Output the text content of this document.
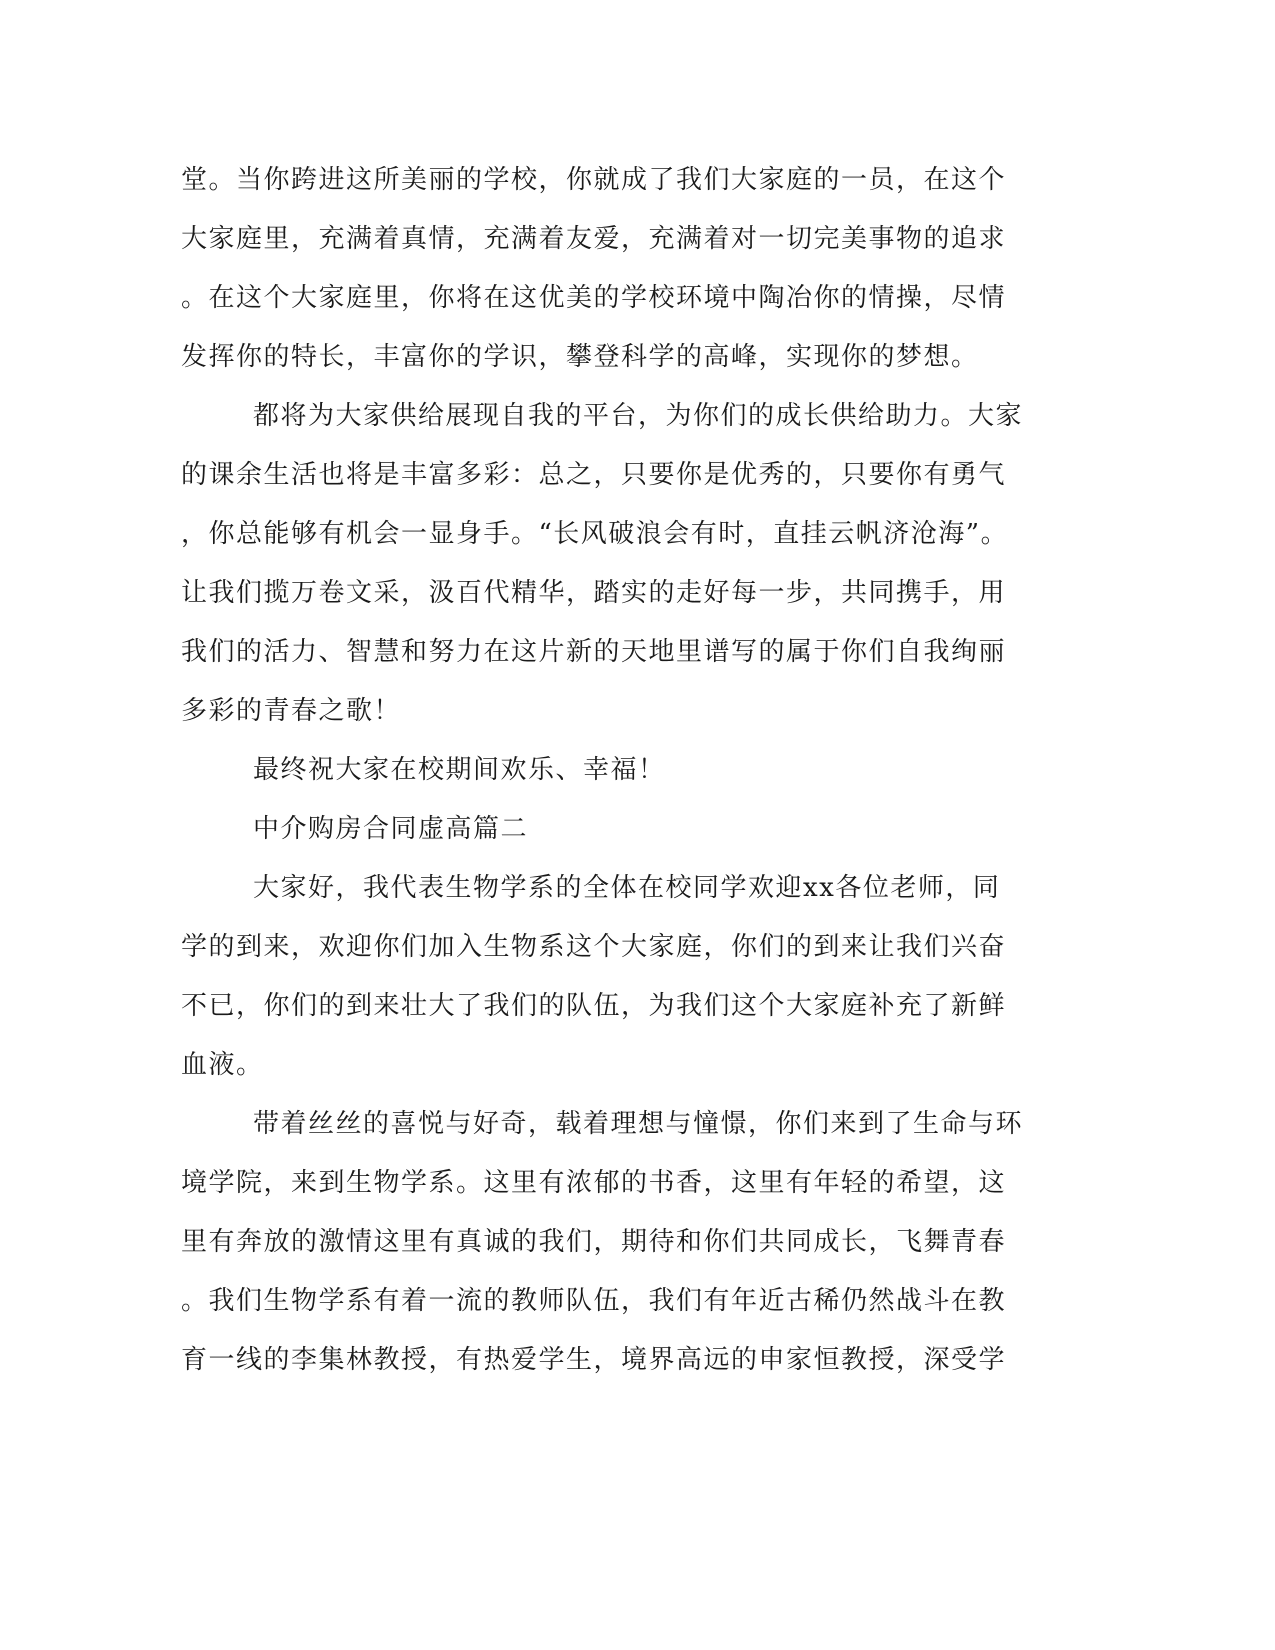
堂。当你跨进这所美丽的学校，你就成了我们大家庭的一员，在这个
大家庭里，充满着真情，充满着友爱，充满着对一切完美事物的追求
。在这个大家庭里，你将在这优美的学校环境中陶冶你的情操，尽情
发挥你的特长，丰富你的学识，攀登科学的高峰，实现你的梦想。
都将为大家供给展现自我的平台，为你们的成长供给助力。大家
的课余生活也将是丰富多彩：总之，只要你是优秀的，只要你有勇气
，你总能够有机会一显身手。“长风破浪会有时，直挂云帆济沧海”。
让我们揽万卷文采，汲百代精华，踏实的走好每一步，共同携手，用
我们的活力、智慧和努力在这片新的天地里谱写的属于你们自我绚丽
多彩的青春之歌！
最终祝大家在校期间欢乐、幸福！
中介购房合同虚高篇二
大家好，我代表生物学系的全体在校同学欢迎xx各位老师，同
学的到来，欢迎你们加入生物系这个大家庭，你们的到来让我们兴奋
不已，你们的到来壮大了我们的队伍，为我们这个大家庭补充了新鲜
血液。
带着丝丝的喜悦与好奇，载着理想与憧憬，你们来到了生命与环
境学院，来到生物学系。这里有浓郁的书香，这里有年轻的希望，这
里有奔放的激情这里有真诚的我们，期待和你们共同成长，飞舞青春
。我们生物学系有着一流的教师队伍，我们有年近古稀仍然战斗在教
育一线的李集林教授，有热爱学生，境界高远的申家恒教授，深受学
